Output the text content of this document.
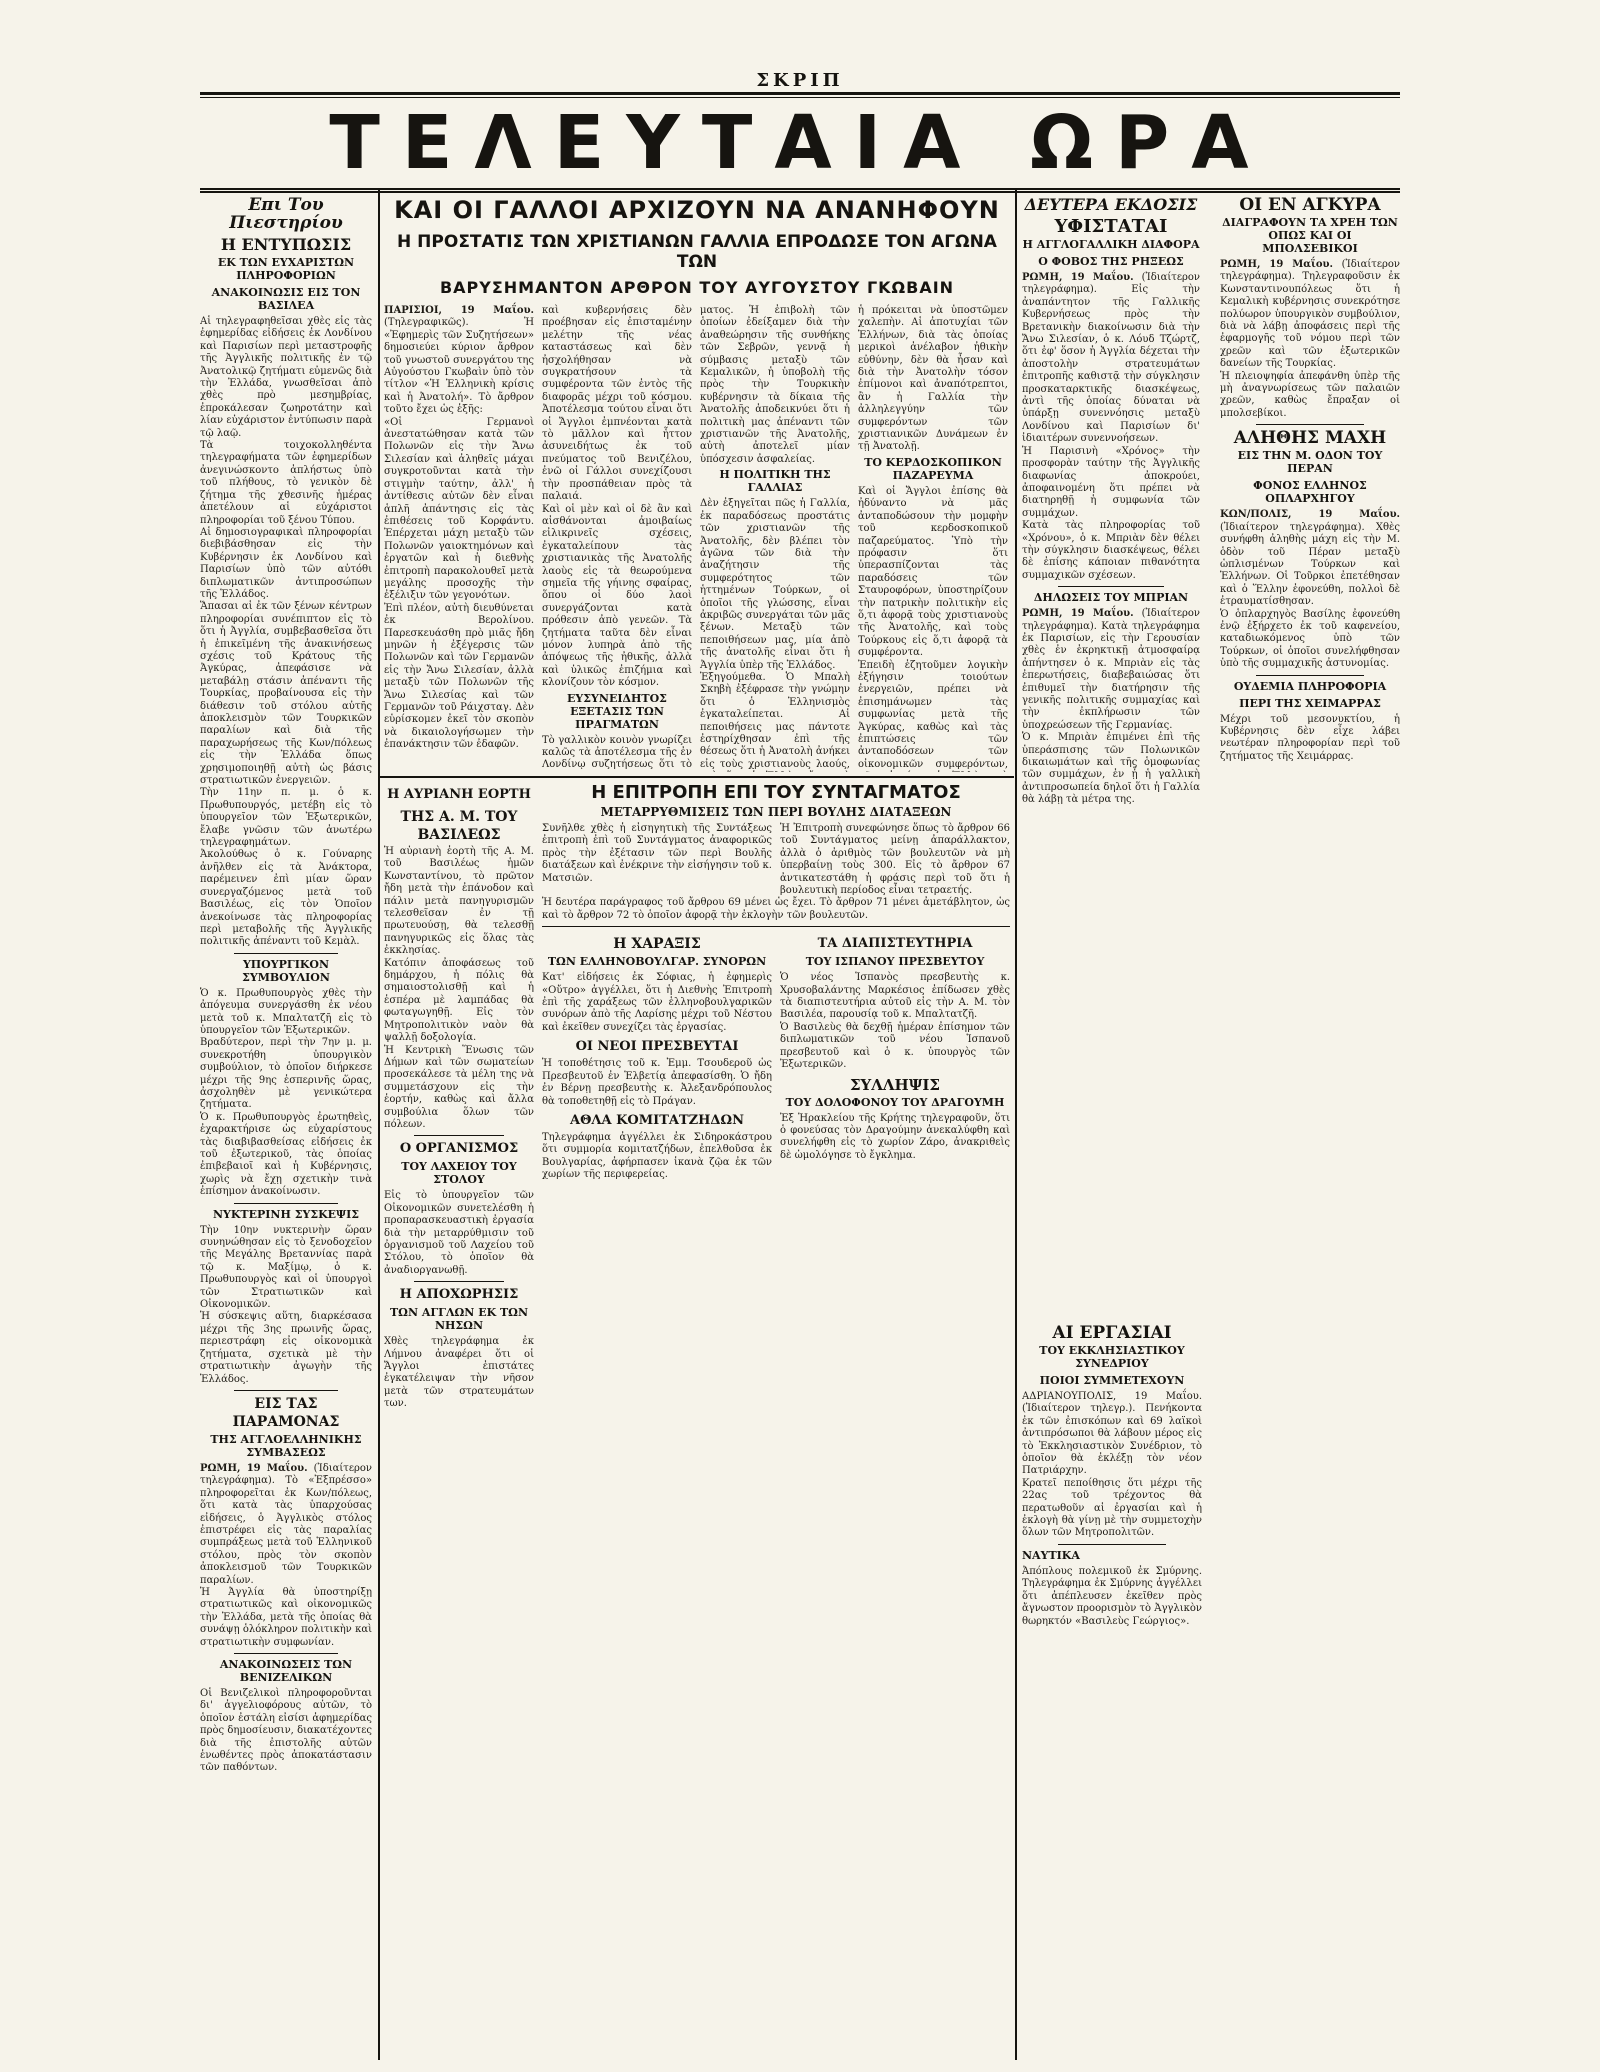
ΣΚΡΙΠ
ΤΕΛΕΥΤΑΙΑ ΩΡΑ
Επι Του Πιεστηρίου
Η ΕΝΤΥΠΩΣΙΣ
ΕΚ ΤΩΝ ΕΥΧΑΡΙΣΤΩΝ ΠΛΗΡΟΦΟΡΙΩΝ
ΑΝΑΚΟΙΝΩΣΙΣ ΕΙΣ ΤΟΝ ΒΑΣΙΛΕΑ

Αἱ τηλεγραφηθεῖσαι χθὲς εἰς τὰς ἐφημερίδας εἰδήσεις ἐκ Λονδίνου καὶ Παρισίων περὶ μεταστροφῆς τῆς Ἀγγλικῆς πολιτικῆς ἐν τῷ Ἀνατολικῷ ζητήματι εὐμενῶς διὰ τὴν Ἑλλάδα, γνωσθεῖσαι ἀπὸ χθὲς πρὸ μεσημβρίας, ἐπροκάλεσαν ζωηροτάτην καὶ λίαν εὐχάριστον ἐντύπωσιν παρὰ τῷ λαῷ.

Τὰ τοιχοκολληθέντα τηλεγραφήματα τῶν ἐφημερίδων ἀνεγινώσκοντο ἀπλήστως ὑπὸ τοῦ πλήθους, τὸ γενικὸν δὲ ζήτημα τῆς χθεσινῆς ἡμέρας ἀπετέλουν αἱ εὐχάριστοι πληροφορίαι τοῦ ξένου Τύπου.

Αἱ δημοσιογραφικαὶ πληροφορίαι διεβιβάσθησαν εἰς τὴν Κυβέρνησιν ἐκ Λονδίνου καὶ Παρισίων ὑπὸ τῶν αὐτόθι διπλωματικῶν ἀντιπροσώπων τῆς Ἑλλάδος.

Ἅπασαι αἱ ἐκ τῶν ξένων κέντρων πληροφορίαι συνέπιπτον εἰς τὸ ὅτι ἡ Ἀγγλία, συμβεβασθεῖσα ὅτι ἡ ἐπικεῖμένη τῆς ἀνακινήσεως σχέσις τοῦ Κράτους τῆς Ἀγκύρας, ἀπεφάσισε νὰ μεταβάλῃ στάσιν ἀπέναντι τῆς Τουρκίας, προβαίνουσα εἰς τὴν διάθεσιν τοῦ στόλου αὐτῆς ἀποκλεισμὸν τῶν Τουρκικῶν παραλίων καὶ διὰ τῆς παραχωρήσεως τῆς Κων/πόλεως εἰς τὴν Ἑλλάδα ὅπως χρησιμοποιηθῇ αὐτὴ ὡς βάσις στρατιωτικῶν ἐνεργειῶν.

Τὴν 11ην π. μ. ὁ κ. Πρωθυπουργός, μετέβη εἰς τὸ ὑπουργεῖον τῶν Ἐξωτερικῶν, ἔλαβε γνῶσιν τῶν ἀνωτέρω τηλεγραφημάτων.

Ἀκολούθως ὁ κ. Γούναρης ἀνῆλθεν εἰς τὰ Ἀνάκτορα, παρέμεινεν ἐπὶ μίαν ὥραν συνεργαζόμενος μετὰ τοῦ Βασιλέως, εἰς τὸν Ὁποῖον ἀνεκοίνωσε τὰς πληροφορίας περὶ μεταβολῆς τῆς Ἀγγλικῆς πολιτικῆς ἀπέναντι τοῦ Κεμὰλ.

ΥΠΟΥΡΓΙΚΟΝ ΣΥΜΒΟΥΛΙΟΝ

Ὁ κ. Πρωθυπουργὸς χθὲς τὴν ἀπόγευμα συνεργάσθη ἐκ νέου μετὰ τοῦ κ. Μπαλτατζῆ εἰς τὸ ὑπουργεῖον τῶν Ἐξωτερικῶν.

Βραδύτερον, περὶ τὴν 7ην μ. μ. συνεκροτήθη ὑπουργικὸν συμβούλιον, τὸ ὁποῖον διήρκεσε μέχρι τῆς 9ης ἑσπερινῆς ὥρας, ἀσχοληθὲν μὲ γενικώτερα ζητήματα.

Ὁ κ. Πρωθυπουργὸς ἐρωτηθεὶς, ἐχαρακτήρισε ὡς εὐχαρίστους τὰς διαβιβασθείσας εἰδήσεις ἐκ τοῦ ἐξωτερικοῦ, τὰς ὁποίας ἐπιβεβαιοῖ καὶ ἡ Κυβέρνησις, χωρὶς νὰ ἔχῃ σχετικὴν τινὰ ἐπίσημον ἀνακοίνωσιν.

ΝΥΚΤΕΡΙΝΗ ΣΥΣΚΕΨΙΣ

Τὴν 10ην νυκτερινὴν ὥραν συνηνώθησαν εἰς τὸ ξενοδοχεῖον τῆς Μεγάλης Βρεταννίας παρὰ τῷ κ. Μαξίμῳ, ὁ κ. Πρωθυπουργὸς καὶ οἱ ὑπουργοὶ τῶν Στρατιωτικῶν καὶ Οἰκονομικῶν.

Ἡ σύσκεψις αὕτη, διαρκέσασα μέχρι τῆς 3ης πρωινῆς ὥρας, περιεστράφη εἰς οἰκονομικὰ ζητήματα, σχετικὰ μὲ τὴν στρατιωτικὴν ἀγωγὴν τῆς Ἑλλάδος.

ΕΙΣ ΤΑΣ ΠΑΡΑΜΟΝΑΣ
ΤΗΣ ΑΓΓΛΟΕΛΛΗΝΙΚΗΣ ΣΥΜΒΑΣΕΩΣ

ΡΩΜΗ, 19 Μαΐου. (Ἰδιαίτερον τηλεγράφημα). Τὸ «Ἐξπρέσσο» πληροφορεῖται ἐκ Κων/πόλεως, ὅτι κατὰ τὰς ὑπαρχούσας εἰδήσεις, ὁ Ἀγγλικὸς στόλος ἐπιστρέφει εἰς τὰς παραλίας συμπράξεως μετὰ τοῦ Ἑλληνικοῦ στόλου, πρὸς τὸν σκοπὸν ἀποκλεισμοῦ τῶν Τουρκικῶν παραλίων.

Ἡ Ἀγγλία θὰ ὑποστηρίξῃ στρατιωτικῶς καὶ οἰκονομικῶς τὴν Ἑλλάδα, μετὰ τῆς ὁποίας θὰ συνάψῃ ὁλόκληρον πολιτικὴν καὶ στρατιωτικὴν συμφωνίαν.

ΑΝΑΚΟΙΝΩΣΕΙΣ ΤΩΝ ΒΕΝΙΖΕΛΙΚΩΝ

Οἱ Βενιζελικοὶ πληροφοροῦνται δι' ἀγγελιοφόρους αὐτῶν, τὸ ὁποῖον ἐστάλη εἰσίσι ἀφημερίδας πρὸς δημοσίευσιν, διακατέχοντες διὰ τῆς ἐπιστολῆς αὐτῶν ἑνωθέντες πρὸς ἀποκατάστασιν τῶν παθόντων.

ΚΑΙ ΟΙ ΓΑΛΛΟΙ ΑΡΧΙΖΟΥΝ ΝΑ ΑΝΑΝΗΦΟΥΝ
Η ΠΡΟΣΤΑΤΙΣ ΤΩΝ ΧΡΙΣΤΙΑΝΩΝ ΓΑΛΛΙΑ ΕΠΡΟΔΩΣΕ ΤΟΝ ΑΓΩΝΑ ΤΩΝ
ΒΑΡΥΣΗΜΑΝΤΟΝ ΑΡΘΡΟΝ ΤΟΥ ΑΥΓΟΥΣΤΟΥ ΓΚΩΒΑΙΝ

ΠΑΡΙΣΙΟΙ, 19 Μαΐου. (Τηλεγραφικῶς). Ἡ «Ἐφημερὶς τῶν Συζητήσεων» δημοσιεύει κύριον ἄρθρον τοῦ γνωστοῦ συνεργάτου της Αὐγούστου Γκωβαὶν ὑπὸ τὸν τίτλον «Ἡ Ἑλληνικὴ κρίσις καὶ ἡ Ἀνατολή». Τὸ ἄρθρον τοῦτο ἔχει ὡς ἑξῆς:

«Οἱ Γερμανοὶ ἀνεστατώθησαν κατὰ τῶν Πολωνῶν εἰς τὴν Ἄνω Σιλεσίαν καὶ ἀληθεῖς μάχαι συγκροτοῦνται κατὰ τὴν στιγμὴν ταύτην, ἀλλ' ἡ ἀντίθεσις αὐτῶν δὲν εἶναι ἁπλῆ ἀπάντησις εἰς τὰς ἐπιθέσεις τοῦ Κορφάντυ. Ἐπέρχεται μάχη μεταξὺ τῶν Πολωνῶν γαιοκτημόνων καὶ ἐργατῶν καὶ ἡ διεθνὴς ἐπιτροπὴ παρακολουθεῖ μετὰ μεγάλης προσοχῆς τὴν ἐξέλιξιν τῶν γεγονότων.

Ἐπὶ πλέον, αὐτὴ διευθύνεται ἐκ Βερολίνου. Παρεσκευάσθη πρὸ μιᾶς ἤδη μηνῶν ἡ ἐξέγερσις τῶν Πολωνῶν καὶ τῶν Γερμανῶν εἰς τὴν Ἄνω Σιλεσίαν, ἀλλὰ μεταξὺ τῶν Πολωνῶν τῆς Ἄνω Σιλεσίας καὶ τῶν Γερμανῶν τοῦ Ράιχσταγ. Δὲν εὑρίσκομεν ἐκεῖ τὸν σκοπὸν νὰ δικαιολογήσωμεν τὴν ἐπανάκτησιν τῶν ἐδαφῶν.

καὶ κυβερνήσεις δὲν προέβησαν εἰς ἐπισταμένην μελέτην τῆς νέας καταστάσεως καὶ δὲν ἠσχολήθησαν νὰ συγκρατήσουν τὰ συμφέροντα τῶν ἐντὸς τῆς διαφορᾶς μέχρι τοῦ κόσμου. Ἀποτέλεσμα τούτου εἶναι ὅτι οἱ Ἄγγλοι ἐμπνέονται κατὰ τὸ μᾶλλον καὶ ἧττον ἀσυνειδήτως ἐκ τοῦ πνεύματος τοῦ Βενιζέλου, ἐνῶ οἱ Γάλλοι συνεχίζουσι τὴν προσπάθειαν πρὸς τὰ παλαιά.

Καὶ οἱ μὲν καὶ οἱ δὲ ἂν καὶ αἰσθάνονται ἀμοιβαίως εἰλικρινεῖς σχέσεις, ἐγκαταλείπουν τὰς χριστιανικὰς τῆς Ἀνατολῆς λαοὺς εἰς τὰ θεωρούμενα σημεῖα τῆς γήινης σφαίρας, ὅπου οἱ δύο λαοὶ συνεργάζονται κατὰ πρόθεσιν ἀπὸ γενεῶν. Τὰ ζητήματα ταῦτα δὲν εἶναι μόνον λυπηρὰ ἀπὸ τῆς ἀπόψεως τῆς ἠθικῆς, ἀλλὰ καὶ ὑλικῶς ἐπιζήμια καὶ κλονίζουν τὸν κόσμον.

ΕΥΣΥΝΕΙΔΗΤΟΣ ΕΞΕΤΑΣΙΣ ΤΩΝ ΠΡΑΓΜΑΤΩΝ

Τὸ γαλλικὸν κοινὸν γνωρίζει καλῶς τὰ ἀποτέλεσμα τῆς ἐν Λονδίνῳ συζητήσεως ὅτι τὸ

ματος. Ἡ ἐπιβολὴ τῶν ὁποίων ἐδείξαμεν διὰ τὴν ἀναθεώρησιν τῆς συνθήκης τῶν Σεβρῶν, γεννᾷ ἡ σύμβασις μεταξὺ τῶν Κεμαλικῶν, ἡ ὑποβολὴ τῆς πρὸς τὴν Τουρκικὴν κυβέρνησιν τὰ δίκαια τῆς Ἀνατολῆς ἀποδεικνύει ὅτι ἡ πολιτικὴ μας ἀπέναντι τῶν χριστιανῶν τῆς Ἀνατολῆς, αὐτὴ ἀποτελεῖ μίαν ὑπόσχεσιν ἀσφαλείας.

Η ΠΟΛΙΤΙΚΗ ΤΗΣ ΓΑΛΛΙΑΣ

Δὲν ἐξηγεῖται πῶς ἡ Γαλλία, ἐκ παραδόσεως προστάτις τῶν χριστιανῶν τῆς Ἀνατολῆς, δὲν βλέπει τὸν ἀγῶνα τῶν διὰ τὴν ἀναζήτησιν τῆς συμφερότητος τῶν ἡττημένων Τούρκων, οἱ ὁποῖοι τῆς γλώσσης, εἶναι ἀκριβῶς συνεργάται τῶν μᾶς ξένων. Μεταξὺ τῶν πεποιθήσεων μας, μία ἀπὸ τῆς ἀνατολῆς εἶναι ὅτι ἡ Ἀγγλία ὑπὲρ τῆς Ἑλλάδος.

Ἑξηγούμεθα. Ὁ Μπαλὴ Σκηβὴ ἐξέφρασε τὴν γνώμην ὅτι ὁ Ἑλληνισμὸς ἐγκαταλείπεται. Αἱ πεποιθήσεις μας πάντοτε ἐστηρίχθησαν ἐπὶ τῆς θέσεως ὅτι ἡ Ἀνατολὴ ἀνήκει εἰς τοὺς χριστιανοὺς λαούς,

ἡ πρόκειται νὰ ὑποστῶμεν χαλεπὴν. Αἱ ἀποτυχίαι τῶν Ἑλλήνων, διὰ τὰς ὁποίας μερικοὶ ἀνέλαβον ἠθικὴν εὐθύνην, δὲν θὰ ἦσαν καὶ διὰ τὴν Ἀνατολὴν τόσον ἐπίμονοι καὶ ἀναπότρεπτοι, ἂν ἡ Γαλλία τὴν ἀλληλεγγύην τῶν συμφερόντων τῶν χριστιανικῶν Δυνάμεων ἐν τῇ Ἀνατολῇ.

ΤΟ ΚΕΡΔΟΣΚΟΠΙΚΟΝ ΠΑΖΑΡΕΥΜΑ

Καὶ οἱ Ἄγγλοι ἐπίσης θὰ ἠδύναντο νὰ μᾶς ἀνταποδώσουν τὴν μομφὴν τοῦ κερδοσκοπικοῦ παζαρεύματος. Ὑπὸ τὴν πρόφασιν ὅτι ὑπερασπίζονται τὰς παραδόσεις τῶν Σταυροφόρων, ὑποστηρίζουν τὴν πατρικὴν πολιτικὴν εἰς ὅ,τι ἀφορᾷ τοὺς χριστιανοὺς τῆς Ἀνατολῆς, καὶ τοὺς Τούρκους εἰς ὅ,τι ἀφορᾷ τὰ συμφέροντα.

Ἐπειδὴ ἐζητοῦμεν λογικὴν ἐξήγησιν τοιούτων ἐνεργειῶν, πρέπει νὰ ἐπισημάνωμεν τὰς συμφωνίας μετὰ τῆς Ἀγκύρας, καθὼς καὶ τὰς ἐπιπτώσεις τῶν ἀνταποδόσεων τῶν οἰκονομικῶν συμφερόντων,

ΔΕΥΤΕΡΑ ΕΚΔΟΣΙΣ
ΥΦΙΣΤΑΤΑΙ
Η ΑΓΓΛΟΓΑΛΛΙΚΗ ΔΙΑΦΟΡΑ
Ο ΦΟΒΟΣ ΤΗΣ ΡΗΞΕΩΣ

ΡΩΜΗ, 19 Μαΐου. (Ἰδιαίτερον τηλεγράφημα). Εἰς τὴν ἀναπάντητον τῆς Γαλλικῆς Κυβερνήσεως πρὸς τὴν Βρετανικὴν διακοίνωσιν διὰ τὴν Ἄνω Σιλεσίαν, ὁ κ. Λόυδ Τζώρτζ, ὅτι ἐφ' ὅσον ἡ Ἀγγλία δέχεται τὴν ἀποστολὴν στρατευμάτων ἐπιτροπῆς καθιστᾷ τὴν σύγκλησιν προσκαταρκτικῆς διασκέψεως, ἀντὶ τῆς ὁποίας δύναται νὰ ὑπάρξῃ συνεννόησις μεταξὺ Λονδίνου καὶ Παρισίων δι' ἰδιαιτέρων συνεννοήσεων.

Ἡ Παρισινὴ «Χρόνος» τὴν προσφορὰν ταύτην τῆς Ἀγγλικῆς διαφωνίας ἀποκρούει, ἀποφαινομένη ὅτι πρέπει νὰ διατηρηθῇ ἡ συμφωνία τῶν συμμάχων.

Κατὰ τὰς πληροφορίας τοῦ «Χρόνου», ὁ κ. Μπριὰν δὲν θέλει τὴν σύγκλησιν διασκέψεως, θέλει δὲ ἐπίσης κάποιαν πιθανότητα συμμαχικῶν σχέσεων.

ΔΗΛΩΣΕΙΣ ΤΟΥ ΜΠΡΙΑΝ

ΡΩΜΗ, 19 Μαΐου. (Ἰδιαίτερον τηλεγράφημα). Κατὰ τηλεγράφημα ἐκ Παρισίων, εἰς τὴν Γερουσίαν χθὲς ἐν ἐκρηκτικῇ ἀτμοσφαίρᾳ ἀπήντησεν ὁ κ. Μπριὰν εἰς τὰς ἐπερωτήσεις, διαβεβαιώσας ὅτι ἐπιθυμεῖ τὴν διατήρησιν τῆς γενικῆς πολιτικῆς συμμαχίας καὶ τὴν ἐκπλήρωσιν τῶν ὑποχρεώσεων τῆς Γερμανίας.

Ὁ κ. Μπριὰν ἐπιμένει ἐπὶ τῆς ὑπεράσπισης τῶν Πολωνικῶν δικαιωμάτων καὶ τῆς ὁμοφωνίας τῶν συμμάχων, ἐν ᾗ ἡ γαλλικὴ ἀντιπροσωπεία δηλοῖ ὅτι ἡ Γαλλία θὰ λάβῃ τὰ μέτρα της.

ΟΙ ΕΝ ΑΓΚΥΡΑ
ΔΙΑΓΡΑΦΟΥΝ ΤΑ ΧΡΕΗ ΤΩΝ ΟΠΩΣ ΚΑΙ ΟΙ ΜΠΟΛΣΕΒΙΚΟΙ

ΡΩΜΗ, 19 Μαΐου. (Ἰδιαίτερον τηλεγράφημα). Τηλεγραφοῦσιν ἐκ Κωνσταντινουπόλεως ὅτι ἡ Κεμαλικὴ κυβέρνησις συνεκρότησε πολύωρον ὑπουργικὸν συμβούλιον, διὰ νὰ λάβῃ ἀποφάσεις περὶ τῆς ἐφαρμογῆς τοῦ νόμου περὶ τῶν χρεῶν καὶ τῶν ἐξωτερικῶν δανείων τῆς Τουρκίας.

Ἡ πλειοψηφία ἀπεφάνθη ὑπὲρ τῆς μὴ ἀναγνωρίσεως τῶν παλαιῶν χρεῶν, καθὼς ἔπραξαν οἱ μπολσεβίκοι.

ΑΛΗΘΗΣ ΜΑΧΗ
ΕΙΣ ΤΗΝ Μ. ΟΔΟΝ ΤΟΥ ΠΕΡΑΝ
ΦΟΝΟΣ ΕΛΛΗΝΟΣ ΟΠΛΑΡΧΗΓΟΥ

ΚΩΝ/ΠΟΛΙΣ, 19 Μαΐου. (Ἰδιαίτερον τηλεγράφημα). Χθὲς συνήφθη ἀληθὴς μάχη εἰς τὴν Μ. ὁδὸν τοῦ Πέραν μεταξὺ ὡπλισμένων Τούρκων καὶ Ἑλλήνων. Οἱ Τοῦρκοι ἐπετέθησαν καὶ ὁ Ἕλλην ἐφονεύθη, πολλοὶ δὲ ἐτραυματίσθησαν.

Ὁ ὁπλαρχηγὸς Βασίλης ἐφονεύθη ἐνῷ ἐξήρχετο ἐκ τοῦ καφενείου, καταδιωκόμενος ὑπὸ τῶν Τούρκων, οἱ ὁποῖοι συνελήφθησαν ὑπὸ τῆς συμμαχικῆς ἀστυνομίας.

ΟΥΔΕΜΙΑ ΠΛΗΡΟΦΟΡΙΑ
ΠΕΡΙ ΤΗΣ ΧΕΙΜΑΡΡΑΣ

Μέχρι τοῦ μεσονυκτίου, ἡ Κυβέρνησις δὲν εἶχε λάβει νεωτέραν πληροφορίαν περὶ τοῦ ζητήματος τῆς Χειμάρρας.

Η ΑΥΡΙΑΝΗ ΕΟΡΤΗ
ΤΗΣ Α. Μ. ΤΟΥ ΒΑΣΙΛΕΩΣ

Ἡ αὐριανὴ ἑορτὴ τῆς Α. Μ. τοῦ Βασιλέως ἡμῶν Κωνσταντίνου, τὸ πρῶτον ἤδη μετὰ τὴν ἐπάνοδον καὶ πάλιν μετὰ πανηγυρισμῶν τελεσθεῖσαν ἐν τῇ πρωτευούσῃ, θὰ τελεσθῇ πανηγυρικῶς εἰς ὅλας τὰς ἐκκλησίας.

Κατόπιν ἀποφάσεως τοῦ δημάρχου, ἡ πόλις θὰ σημαιοστολισθῇ καὶ ἡ ἑσπέρα μὲ λαμπάδας θὰ φωταγωγηθῇ. Εἰς τὸν Μητροπολιτικὸν ναὸν θὰ ψαλλῇ δοξολογία.

Ἡ Κεντρικὴ Ἕνωσις τῶν Δήμων καὶ τῶν σωματείων προσεκάλεσε τὰ μέλη της νὰ συμμετάσχουν εἰς τὴν ἑορτήν, καθὼς καὶ ἄλλα συμβούλια ὅλων τῶν πόλεων.

Ο ΟΡΓΑΝΙΣΜΟΣ
ΤΟΥ ΛΑΧΕΙΟΥ ΤΟΥ ΣΤΟΛΟΥ

Εἰς τὸ ὑπουργεῖον τῶν Οἰκονομικῶν συνετελέσθη ἡ προπαρασκευαστικὴ ἐργασία διὰ τὴν μεταρρύθμισιν τοῦ ὀργανισμοῦ τοῦ Λαχείου τοῦ Στόλου, τὸ ὁποῖον θὰ ἀναδιοργανωθῇ.

Η ΑΠΟΧΩΡΗΣΙΣ
ΤΩΝ ΑΓΓΛΩΝ ΕΚ ΤΩΝ ΝΗΣΩΝ

Χθὲς τηλεγράφημα ἐκ Λήμνου ἀναφέρει ὅτι οἱ Ἄγγλοι ἐπιστάτες ἐγκατέλειψαν τὴν νῆσον μετὰ τῶν στρατευμάτων των.

Η ΕΠΙΤΡΟΠΗ ΕΠΙ ΤΟΥ ΣΥΝΤΑΓΜΑΤΟΣ
ΜΕΤΑΡΡΥΘΜΙΣΕΙΣ ΤΩΝ ΠΕΡΙ ΒΟΥΛΗΣ ΔΙΑΤΑΞΕΩΝ

Συνῆλθε χθὲς ἡ εἰσηγητικὴ τῆς Συντάξεως ἐπιτροπὴ ἐπὶ τοῦ Συντάγματος ἀναφορικῶς πρὸς τὴν ἐξέτασιν τῶν περὶ Βουλῆς διατάξεων καὶ ἐνέκρινε τὴν εἰσήγησιν τοῦ κ. Ματσιῶν.

Ἡ Ἐπιτροπὴ συνεφώνησε ὅπως τὸ ἄρθρον 66 τοῦ Συντάγματος μείνῃ ἀπαράλλακτον, ἀλλὰ ὁ ἀριθμὸς τῶν βουλευτῶν νὰ μὴ ὑπερβαίνῃ τοὺς 300. Εἰς τὸ ἄρθρον 67 ἀντικατεστάθη ἡ φράσις περὶ τοῦ ὅτι ἡ βουλευτικὴ περίοδος εἶναι τετραετής.

Ἡ δευτέρα παράγραφος τοῦ ἄρθρου 69 μένει ὡς ἔχει. Τὸ ἄρθρον 71 μένει ἀμετάβλητον, ὡς καὶ τὸ ἄρθρον 72 τὸ ὁποῖον ἀφορᾷ τὴν ἐκλογὴν τῶν βουλευτῶν.

Η ΧΑΡΑΞΙΣ
ΤΩΝ ΕΛΛΗΝΟΒΟΥΛΓΑΡ. ΣΥΝΟΡΩΝ

Κατ' εἰδήσεις ἐκ Σόφιας, ἡ ἐφημερὶς «Οὔτρο» ἀγγέλλει, ὅτι ἡ Διεθνὴς Ἐπιτροπὴ ἐπὶ τῆς χαράξεως τῶν ἑλληνοβουλγαρικῶν συνόρων ἀπὸ τῆς Λαρίσης μέχρι τοῦ Νέστου καὶ ἐκεῖθεν συνεχίζει τὰς ἐργασίας.

ΟΙ ΝΕΟΙ ΠΡΕΣΒΕΥΤΑΙ

Ἡ τοποθέτησις τοῦ κ. Ἐμμ. Τσουδεροῦ ὡς Πρεσβευτοῦ ἐν Ἑλβετίᾳ ἀπεφασίσθη. Ὁ ἤδη ἐν Βέρνῃ πρεσβευτὴς κ. Ἀλεξανδρόπουλος θὰ τοποθετηθῇ εἰς τὸ Πράγαν.

ΑΘΛΑ ΚΟΜΙΤΑΤΖΗΔΩΝ

Τηλεγράφημα ἀγγέλλει ἐκ Σιδηροκάστρου ὅτι συμμορία κομιτατζήδων, ἐπελθοῦσα ἐκ Βουλγαρίας, ἀφήρπασεν ἱκανὰ ζῷα ἐκ τῶν χωρίων τῆς περιφερείας.

ΤΑ ΔΙΑΠΙΣΤΕΥΤΗΡΙΑ
ΤΟΥ ΙΣΠΑΝΟΥ ΠΡΕΣΒΕΥΤΟΥ

Ὁ νέος Ἱσπανὸς πρεσβευτὴς κ. Χρυσοβαλάντης Μαρκέσιος ἐπίδωσεν χθὲς τὰ διαπιστευτήρια αὐτοῦ εἰς τὴν Α. Μ. τὸν Βασιλέα, παρουσίᾳ τοῦ κ. Μπαλτατζῆ.

Ὁ Βασιλεὺς θὰ δεχθῇ ἡμέραν ἐπίσημον τῶν διπλωματικῶν τοῦ νέου Ἱσπανοῦ πρεσβευτοῦ καὶ ὁ κ. ὑπουργὸς τῶν Ἐξωτερικῶν.

ΣΥΛΛΗΨΙΣ
ΤΟΥ ΔΟΛΟΦΟΝΟΥ ΤΟΥ ΔΡΑΓΟΥΜΗ

Ἐξ Ἡρακλείου τῆς Κρήτης τηλεγραφοῦν, ὅτι ὁ φονεύσας τὸν Δραγούμην ἀνεκαλύφθη καὶ συνελήφθη εἰς τὸ χωρίον Ζάρο, ἀνακριθεὶς δὲ ὡμολόγησε τὸ ἔγκλημα.

ΑΙ ΕΡΓΑΣΙΑΙ
ΤΟΥ ΕΚΚΛΗΣΙΑΣΤΙΚΟΥ ΣΥΝΕΔΡΙΟΥ
ΠΟΙΟΙ ΣΥΜΜΕΤΕΧΟΥΝ

ΑΔΡΙΑΝΟΥΠΟΛΙΣ, 19 Μαΐου. (Ἰδιαίτερον τηλεγρ.). Πενήκοντα ἐκ τῶν ἐπισκόπων καὶ 69 λαϊκοὶ ἀντιπρόσωποι θὰ λάβουν μέρος εἰς τὸ Ἐκκλησιαστικὸν Συνέδριον, τὸ ὁποῖον θὰ ἐκλέξῃ τὸν νέον Πατριάρχην.

Κρατεῖ πεποίθησις ὅτι μέχρι τῆς 22ας τοῦ τρέχοντος θὰ περατωθοῦν αἱ ἐργασίαι καὶ ἡ ἐκλογὴ θὰ γίνῃ μὲ τὴν συμμετοχὴν ὅλων τῶν Μητροπολιτῶν.

ΝΑΥΤΙΚΑ

Ἀπόπλους πολεμικοῦ ἐκ Σμύρνης. Τηλεγράφημα ἐκ Σμύρνης ἀγγέλλει ὅτι ἀπέπλευσεν ἐκεῖθεν πρὸς ἄγνωστον προορισμὸν τὸ Ἀγγλικὸν θωρηκτόν «Βασιλεὺς Γεώργιος».
